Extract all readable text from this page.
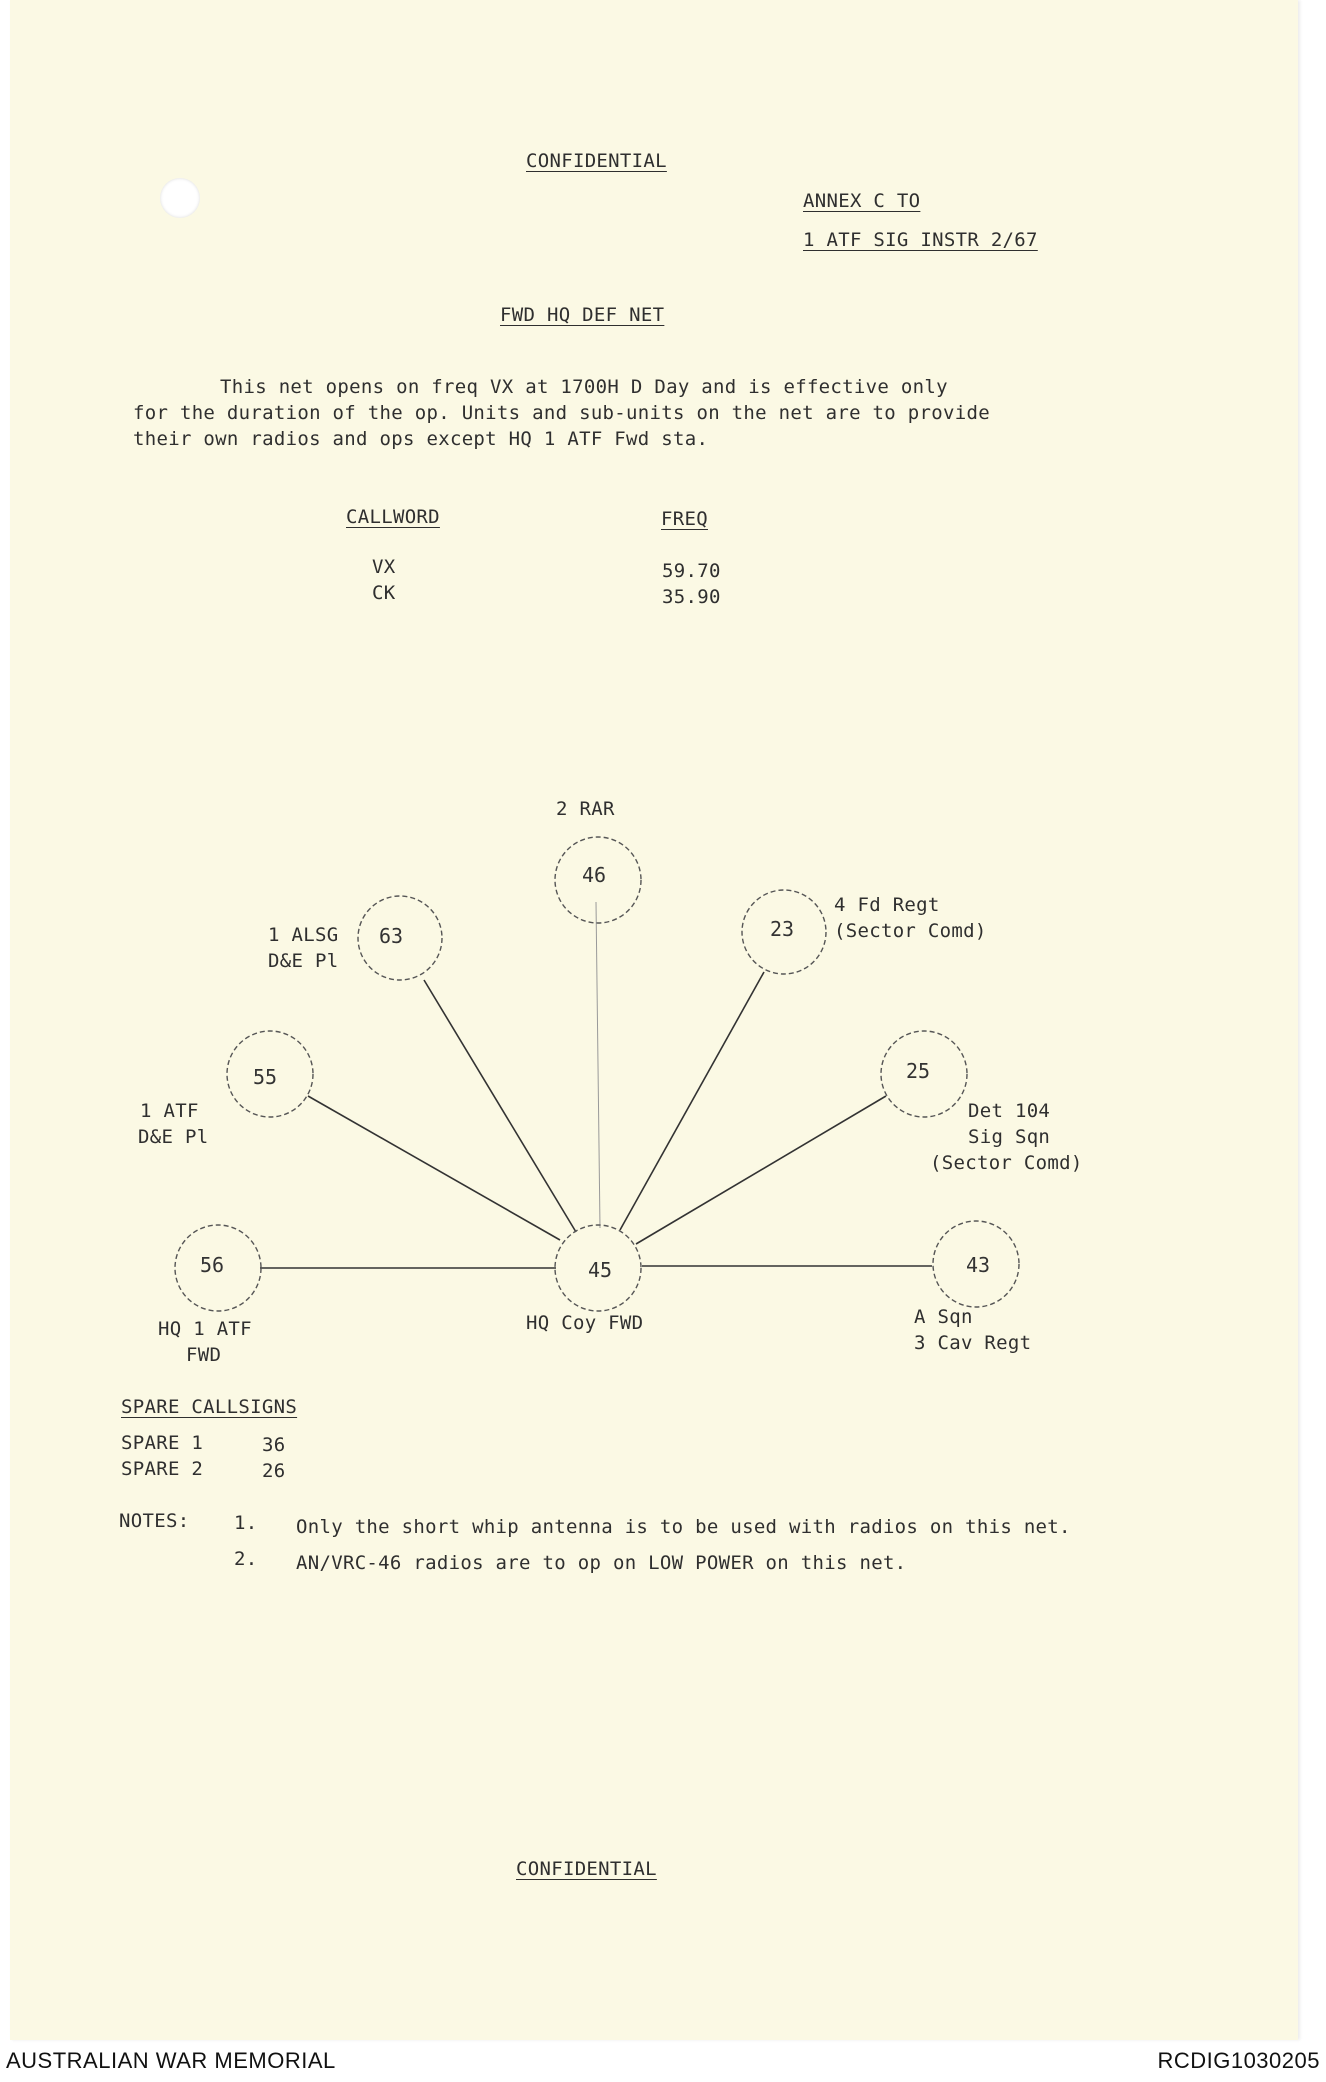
CONFIDENTIAL
ANNEX C TO
1 ATF SIG INSTR 2/67
FWD HQ DEF NET
This net opens on freq VX at 1700H D Day and is effective only
for the duration of the op. Units and sub-units on the net are to provide
their own radios and ops except HQ 1 ATF Fwd sta.
CALLWORD	FREQ
VX	59.70
CK	35.90
46
63	23
55	25
56	43
45
2 RAR
1 ALSG
D&E Pl
4 Fd Regt
(Sector Comd)
1 ATF
D&E Pl
Det 104
Sig Sqn
(Sector Comd)
HQ 1 ATF
FWD
A Sqn
3 Cav Regt
HQ Coy FWD
SPARE CALLSIGNS
SPARE 1	36
SPARE 2	26
NOTES: 1. Only the short whip antenna is to be used with radios on this net.
2. AN/VRC-46 radios are to op on LOW POWER on this net.
CONFIDENTIAL
AUSTRALIAN WAR MEMORIAL	RCDIG1030205
